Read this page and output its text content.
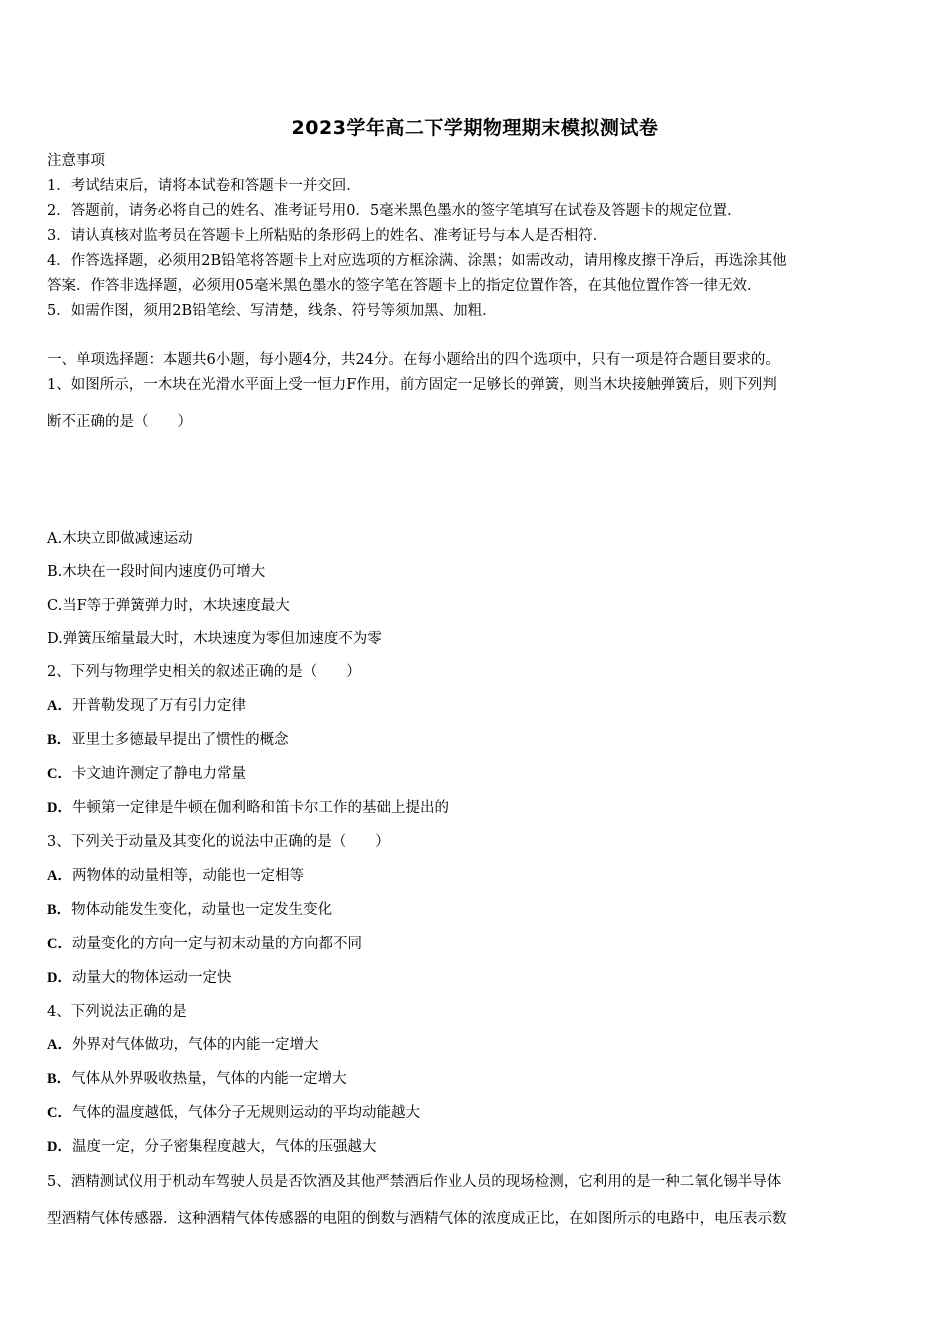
2023学年高二下学期物理期末模拟测试卷
注意事项
1．考试结束后，请将本试卷和答题卡一并交回．
2．答题前，请务必将自己的姓名、准考证号用0．5毫米黑色墨水的签字笔填写在试卷及答题卡的规定位置．
3．请认真核对监考员在答题卡上所粘贴的条形码上的姓名、准考证号与本人是否相符．
4．作答选择题，必须用2B铅笔将答题卡上对应选项的方框涂满、涂黑；如需改动，请用橡皮擦干净后，再选涂其他
答案．作答非选择题，必须用05毫米黑色墨水的签字笔在答题卡上的指定位置作答，在其他位置作答一律无效．
5．如需作图，须用2B铅笔绘、写清楚，线条、符号等须加黑、加粗．
一、单项选择题：本题共6小题，每小题4分，共24分。在每小题给出的四个选项中，只有一项是符合题目要求的。
1、如图所示，一木块在光滑水平面上受一恒力F作用，前方固定一足够长的弹簧，则当木块接触弹簧后，则下列判
断不正确的是（　　）
A.木块立即做减速运动
B.木块在一段时间内速度仍可增大
C.当F等于弹簧弹力时，木块速度最大
D.弹簧压缩量最大时，木块速度为零但加速度不为零
2、下列与物理学史相关的叙述正确的是（　　）
A．开普勒发现了万有引力定律
B．亚里士多德最早提出了惯性的概念
C．卡文迪许测定了静电力常量
D．牛顿第一定律是牛顿在伽利略和笛卡尔工作的基础上提出的
3、下列关于动量及其变化的说法中正确的是（　　）
A．两物体的动量相等，动能也一定相等
B．物体动能发生变化，动量也一定发生变化
C．动量变化的方向一定与初末动量的方向都不同
D．动量大的物体运动一定快
4、下列说法正确的是
A．外界对气体做功，气体的内能一定增大
B．气体从外界吸收热量，气体的内能一定增大
C．气体的温度越低，气体分子无规则运动的平均动能越大
D．温度一定，分子密集程度越大，气体的压强越大
5、酒精测试仪用于机动车驾驶人员是否饮酒及其他严禁酒后作业人员的现场检测，它利用的是一种二氧化锡半导体
型酒精气体传感器．这种酒精气体传感器的电阻的倒数与酒精气体的浓度成正比，在如图所示的电路中，电压表示数
